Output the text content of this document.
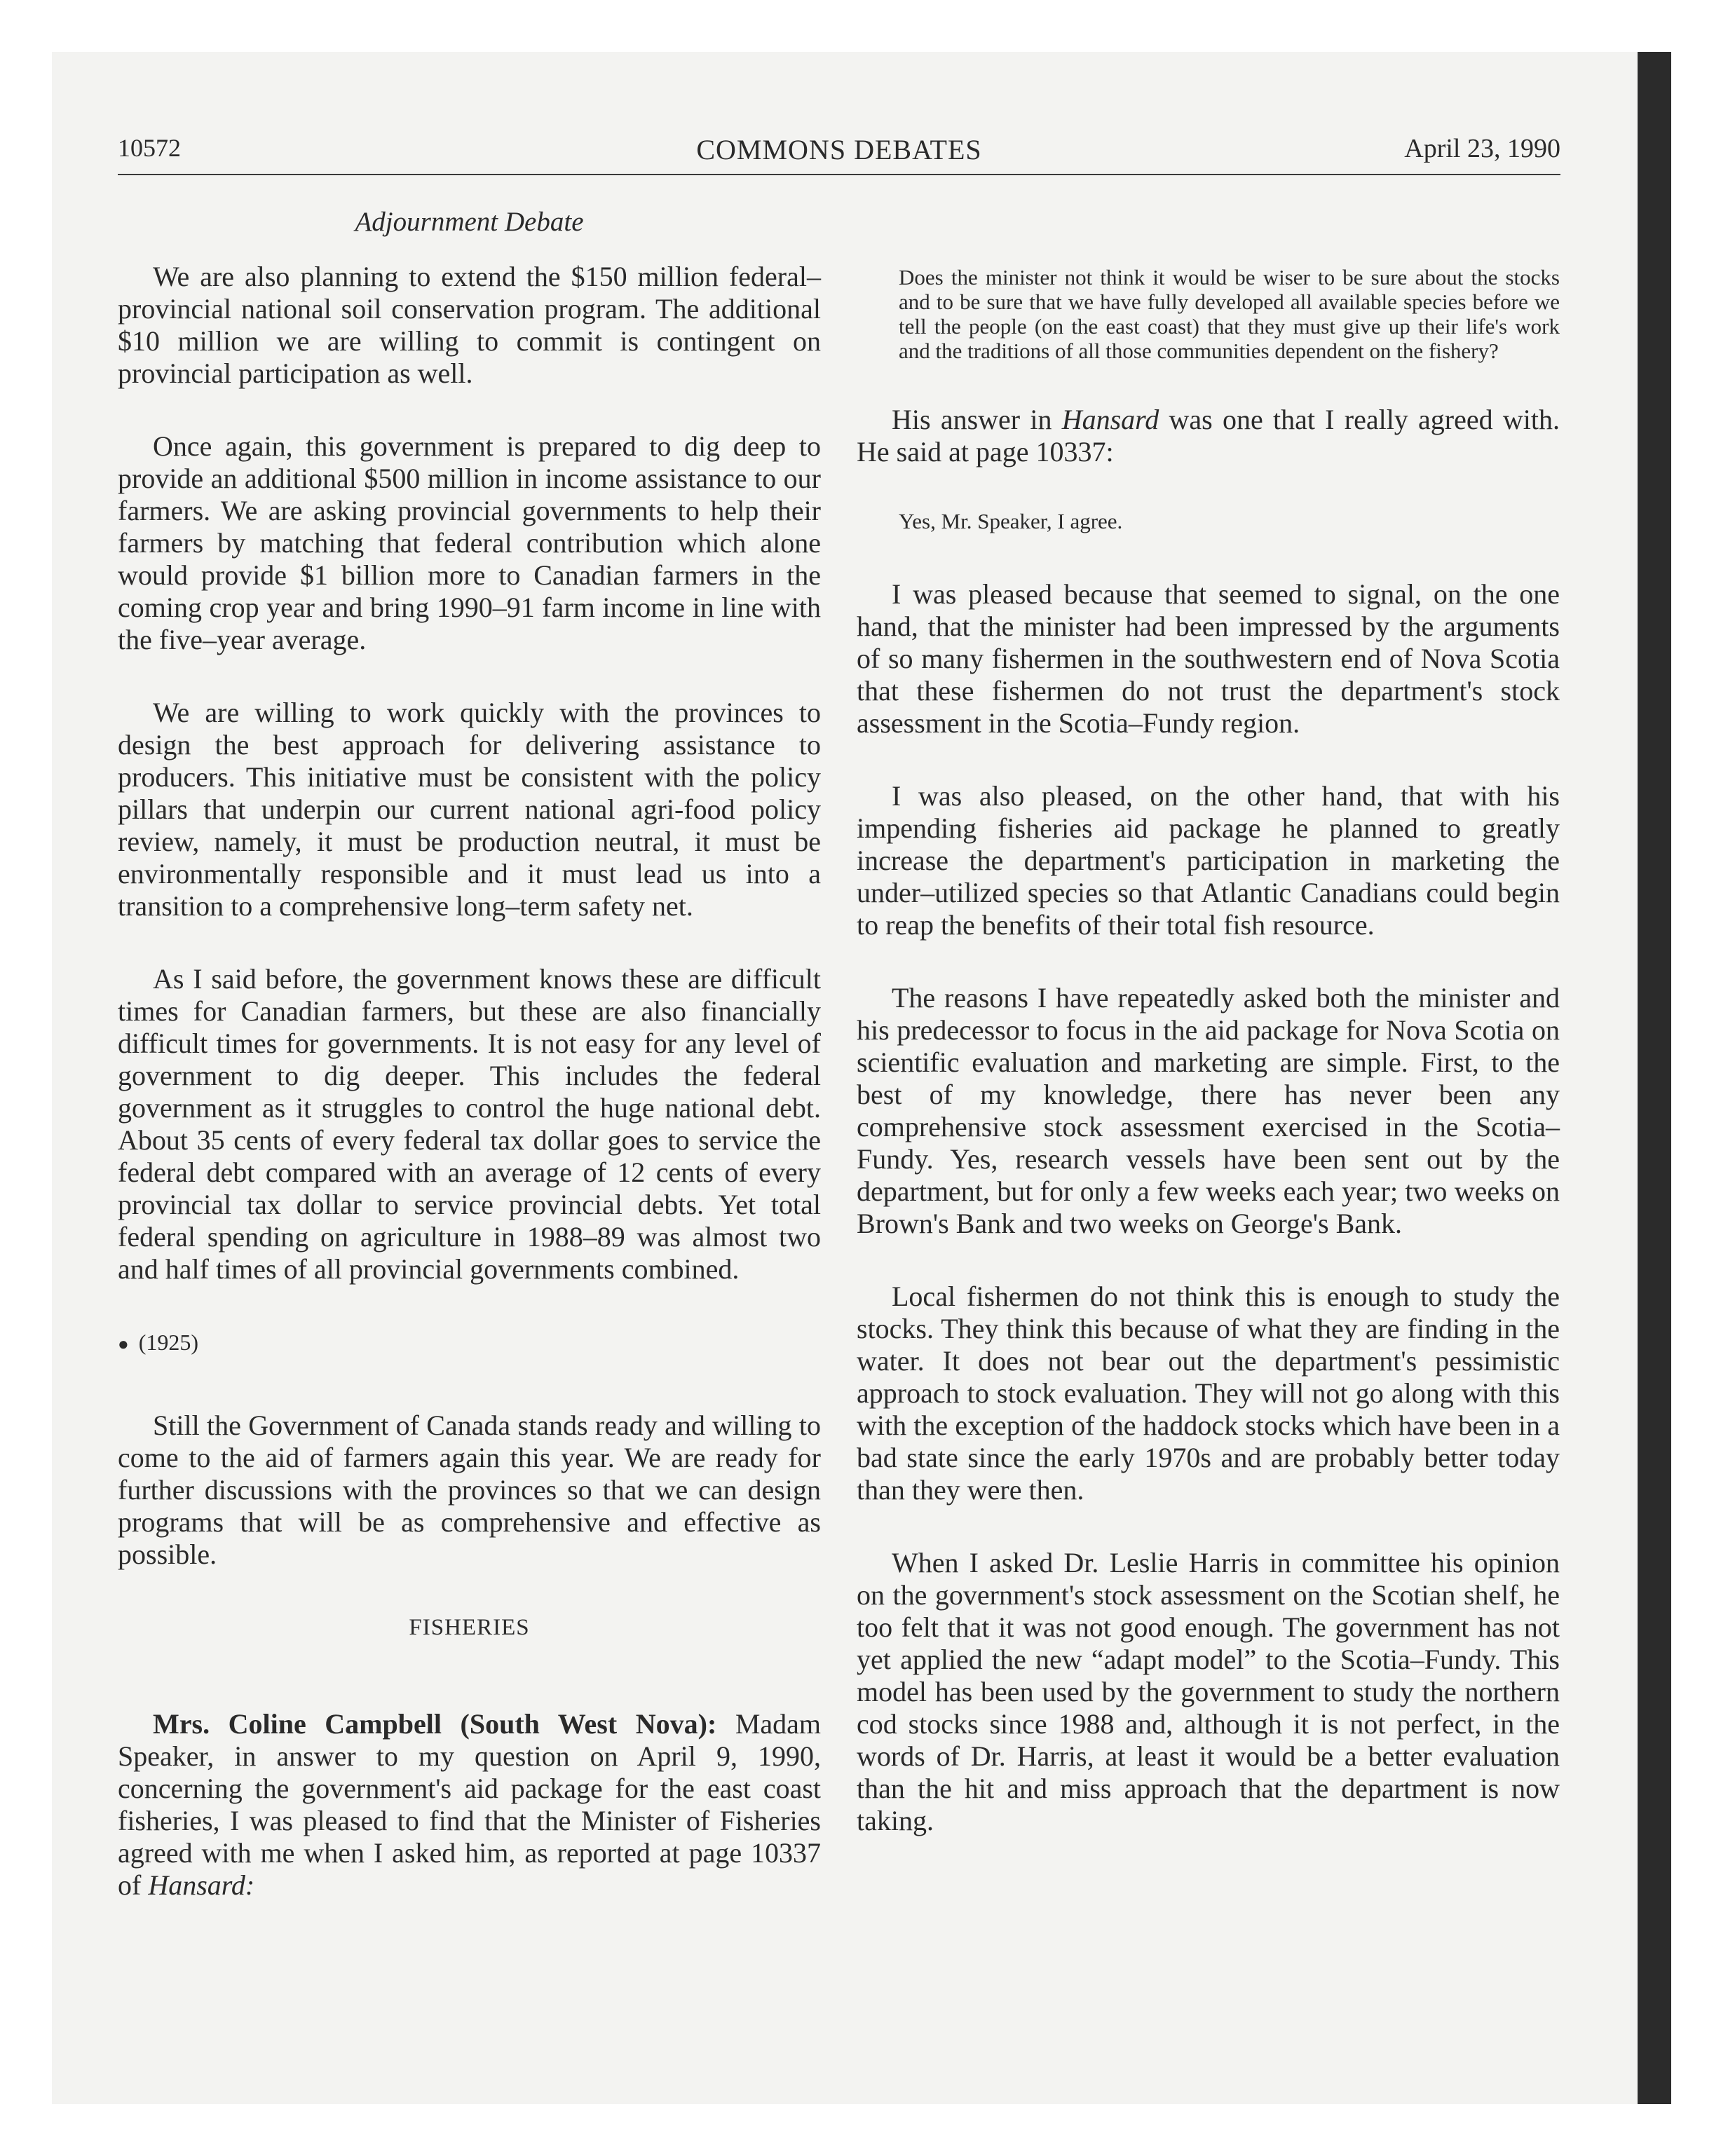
COMMONS DEBATES
10572	April 23, 1990
Adjournment Debate

We are also planning to extend the $150 million federal–provincial national soil conservation program. The additional $10 million we are willing to commit is contingent on provincial participation as well.

Once again, this government is prepared to dig deep to provide an additional $500 million in income assistance to our farmers. We are asking provincial governments to help their farmers by matching that federal contribution which alone would provide $1 billion more to Canadian farmers in the coming crop year and bring 1990–91 farm income in line with the five–year average.

We are willing to work quickly with the provinces to design the best approach for delivering assistance to producers. This initiative must be consistent with the policy pillars that underpin our current national agri-food policy review, namely, it must be production neutral, it must be environmentally responsible and it must lead us into a transition to a comprehensive long–term safety net.

As I said before, the government knows these are difficult times for Canadian farmers, but these are also financially difficult times for governments. It is not easy for any level of government to dig deeper. This includes the federal government as it struggles to control the huge national debt. About 35 cents of every federal tax dollar goes to service the federal debt compared with an average of 12 cents of every provincial tax dollar to service provincial debts. Yet total federal spending on agriculture in 1988–89 was almost two and half times of all provincial governments combined.

● (1925)

Still the Government of Canada stands ready and willing to come to the aid of farmers again this year. We are ready for further discussions with the provinces so that we can design programs that will be as comprehensive and effective as possible.

FISHERIES

Mrs. Coline Campbell (South West Nova): Madam Speaker, in answer to my question on April 9, 1990, concerning the government's aid package for the east coast fisheries, I was pleased to find that the Minister of Fisheries agreed with me when I asked him, as reported at page 10337 of Hansard:

Does the minister not think it would be wiser to be sure about the stocks and to be sure that we have fully developed all available species before we tell the people (on the east coast) that they must give up their life's work and the traditions of all those communities dependent on the fishery?

His answer in Hansard was one that I really agreed with. He said at page 10337:

Yes, Mr. Speaker, I agree.

I was pleased because that seemed to signal, on the one hand, that the minister had been impressed by the arguments of so many fishermen in the southwestern end of Nova Scotia that these fishermen do not trust the department's stock assessment in the Scotia–Fundy region.

I was also pleased, on the other hand, that with his impending fisheries aid package he planned to greatly increase the department's participation in marketing the under–utilized species so that Atlantic Canadians could begin to reap the benefits of their total fish resource.

The reasons I have repeatedly asked both the minister and his predecessor to focus in the aid package for Nova Scotia on scientific evaluation and marketing are simple. First, to the best of my knowledge, there has never been any comprehensive stock assessment exercised in the Scotia–Fundy. Yes, research vessels have been sent out by the department, but for only a few weeks each year; two weeks on Brown's Bank and two weeks on George's Bank.

Local fishermen do not think this is enough to study the stocks. They think this because of what they are finding in the water. It does not bear out the department's pessimistic approach to stock evaluation. They will not go along with this with the exception of the haddock stocks which have been in a bad state since the early 1970s and are probably better today than they were then.

When I asked Dr. Leslie Harris in committee his opinion on the government's stock assessment on the Scotian shelf, he too felt that it was not good enough. The government has not yet applied the new “adapt model” to the Scotia–Fundy. This model has been used by the government to study the northern cod stocks since 1988 and, although it is not perfect, in the words of Dr. Harris, at least it would be a better evaluation than the hit and miss approach that the department is now taking.
